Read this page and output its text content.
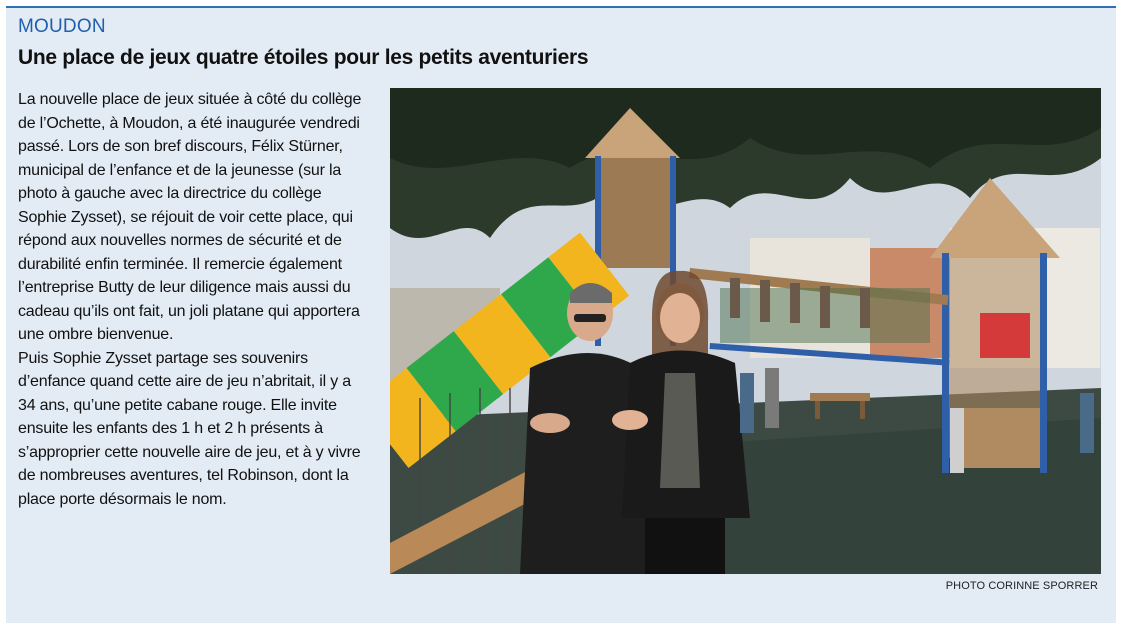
MOUDON
Une place de jeux quatre étoiles pour les petits aventuriers

La nouvelle place de jeux située à côté du collège de l’Ochette, à Moudon, a été inaugurée vendredi passé. Lors de son bref discours, Félix Stürner, municipal de l’enfance et de la jeunesse (sur la photo à gauche avec la directrice du collège Sophie Zysset), se réjouit de voir cette place, qui répond aux nouvelles normes de sécurité et de durabilité enfin terminée. Il remercie également l’entreprise Butty de leur diligence mais aussi du cadeau qu’ils ont fait, un joli platane qui apportera une ombre bienvenue.

Puis Sophie Zysset partage ses souvenirs d’enfance quand cette aire de jeu n’abritait, il y a 34 ans, qu’une petite cabane rouge. Elle invite ensuite les enfants des 1 h et 2 h présents à s’approprier cette nouvelle aire de jeu, et à y vivre de nombreuses aventures, tel Robinson, dont la place porte désormais le nom.

PHOTO CORINNE SPORRER
